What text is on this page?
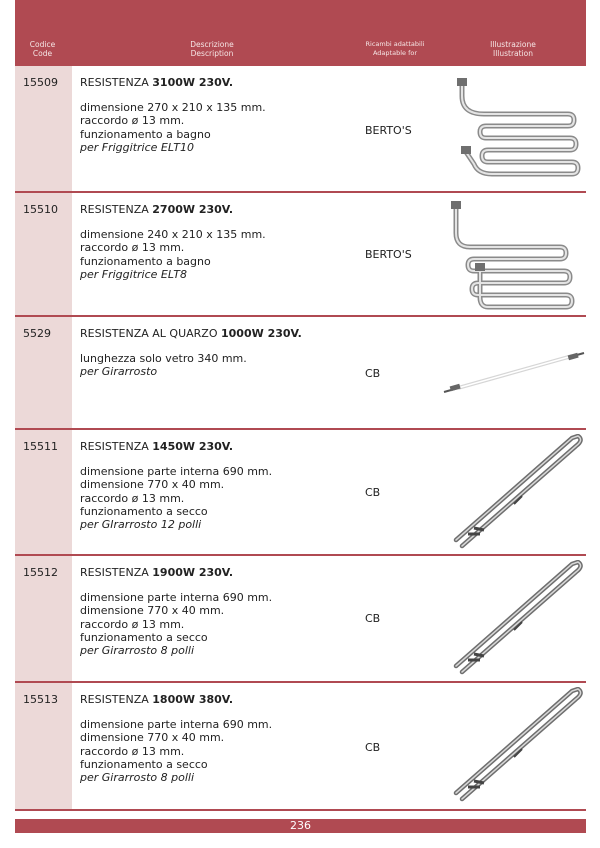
Codice
Code
Descrizione
Description
Ricambi adattabili
Adaptable for
Illustrazione
Illustration
15509 RESISTENZA 3100W 230V.
dimensione 270 x 210 x 135 mm.
raccordo ø 13 mm.
funzionamento a bagno
per Friggitrice ELT10
BERTO'S
15510 RESISTENZA 2700W 230V.
dimensione 240 x 210 x 135 mm.
raccordo ø 13 mm.
funzionamento a bagno
per Friggitrice ELT8
BERTO'S
5529	RESISTENZA AL QUARZO 1000W 230V.
lunghezza solo vetro 340 mm.
per Girarrosto	CB
15511 RESISTENZA 1450W 230V.
dimensione parte interna 690 mm.
dimensione 770 x 40 mm.
raccordo ø 13 mm.
funzionamento a secco
per GIrarrosto 12 polli
CB
15512 RESISTENZA 1900W 230V.
dimensione parte interna 690 mm.
dimensione 770 x 40 mm.
raccordo ø 13 mm.
funzionamento a secco
per Girarrosto 8 polli
CB
15513 RESISTENZA 1800W 380V.
dimensione parte interna 690 mm.
dimensione 770 x 40 mm.
raccordo ø 13 mm.
funzionamento a secco
per Girarrosto 8 polli
CB
236
